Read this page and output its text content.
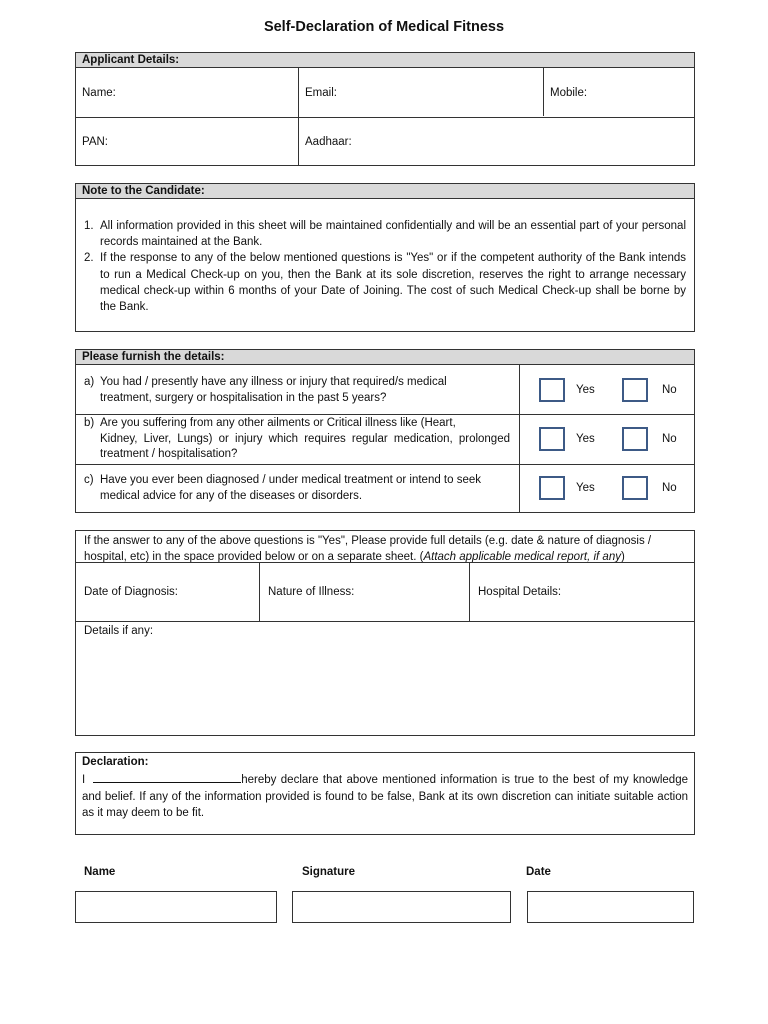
Self-Declaration of Medical Fitness
Applicant Details:
Name:	Email:	Mobile:
PAN:	Aadhaar:
Note to the Candidate:
1. All information provided in this sheet will be maintained confidentially and will be an essential part of your personal records maintained at the Bank.
2. If the response to any of the below mentioned questions is "Yes" or if the competent authority of the Bank intends to run a Medical Check-up on you, then the Bank at its sole discretion, reserves the right to arrange necessary medical check-up within 6 months of your Date of Joining. The cost of such Medical Check-up shall be borne by the Bank.
Please furnish the details:
a) You had / presently have any illness or injury that required/s medical
treatment, surgery or hospitalisation in the past 5 years?
Yes	No
b) Are you suffering from any other ailments or Critical illness like (Heart,
Kidney, Liver, Lungs) or injury which requires regular medication, prolonged treatment / hospitalisation?
Yes	No
c) Have you ever been diagnosed / under medical treatment or intend to seek
medical advice for any of the diseases or disorders.
Yes	No
If the answer to any of the above questions is "Yes", Please provide full details (e.g. date & nature of diagnosis / hospital, etc) in the space provided below or on a separate sheet. (Attach applicable medical report, if any)
Date of Diagnosis:	Nature of Illness:	Hospital Details:
Details if any:
Declaration:
I	hereby declare that above mentioned information is true to the best of my knowledge and belief. If any of the information provided is found to be false, Bank at its own discretion can initiate suitable action as it may deem to be fit.
Name	Signature	Date
